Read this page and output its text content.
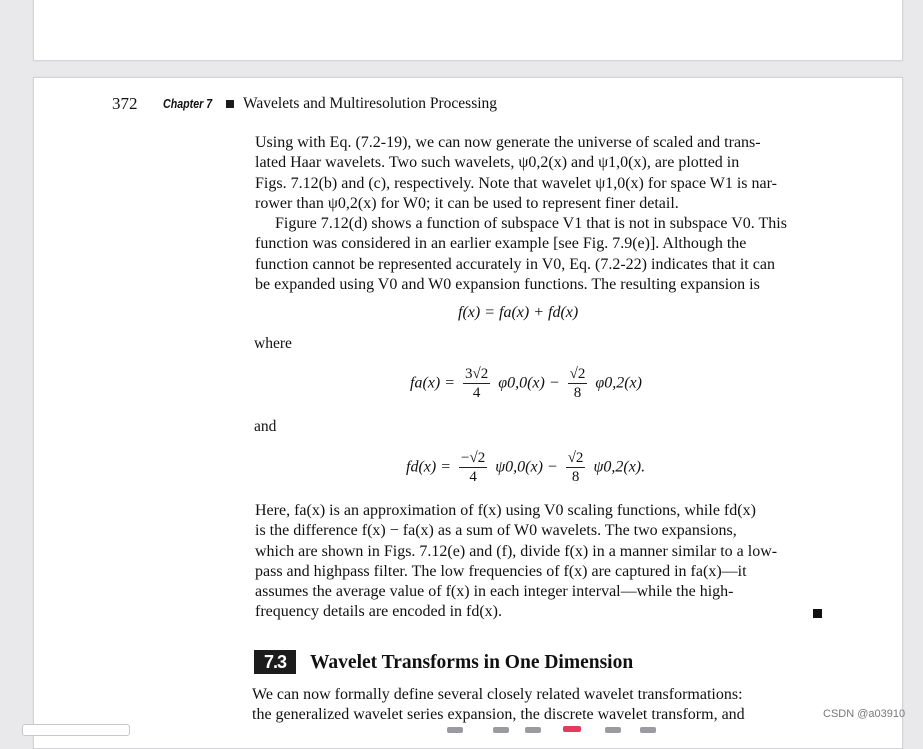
372 Chapter 7 Wavelets and Multiresolution Processing
Using with Eq. (7.2-19), we can now generate the universe of scaled and trans-
lated Haar wavelets. Two such wavelets, ψ0,2(x) and ψ1,0(x), are plotted in
Figs. 7.12(b) and (c), respectively. Note that wavelet ψ1,0(x) for space W1 is nar-
rower than ψ0,2(x) for W0; it can be used to represent finer detail.
Figure 7.12(d) shows a function of subspace V1 that is not in subspace V0. This
function was considered in an earlier example [see Fig. 7.9(e)]. Although the
function cannot be represented accurately in V0, Eq. (7.2-22) indicates that it can
be expanded using V0 and W0 expansion functions. The resulting expansion is
f(x) = fa(x) + fd(x)
where
$fa(x) = \frac{3√2}{4} \varphi 0,0(x) - \frac{√2}{8} \varphi 0,2(x)$
and
$fd(x) = \frac{-√2}{4} \psi 0,0(x) - \frac{√2}{8} \psi 0,2(x)$.
Here, fa(x) is an approximation of f(x) using V0 scaling functions, while fd(x)
is the difference f(x) − fa(x) as a sum of W0 wavelets. The two expansions,
which are shown in Figs. 7.12(e) and (f), divide f(x) in a manner similar to a low-
pass and highpass filter. The low frequencies of f(x) are captured in fa(x)—it
assumes the average value of f(x) in each integer interval—while the high-
frequency details are encoded in fd(x).
7.3	Wavelet Transforms in One Dimension
We can now formally define several closely related wavelet transformations:
the generalized wavelet series expansion, the discrete wavelet transform, and	CSDN @a03910
